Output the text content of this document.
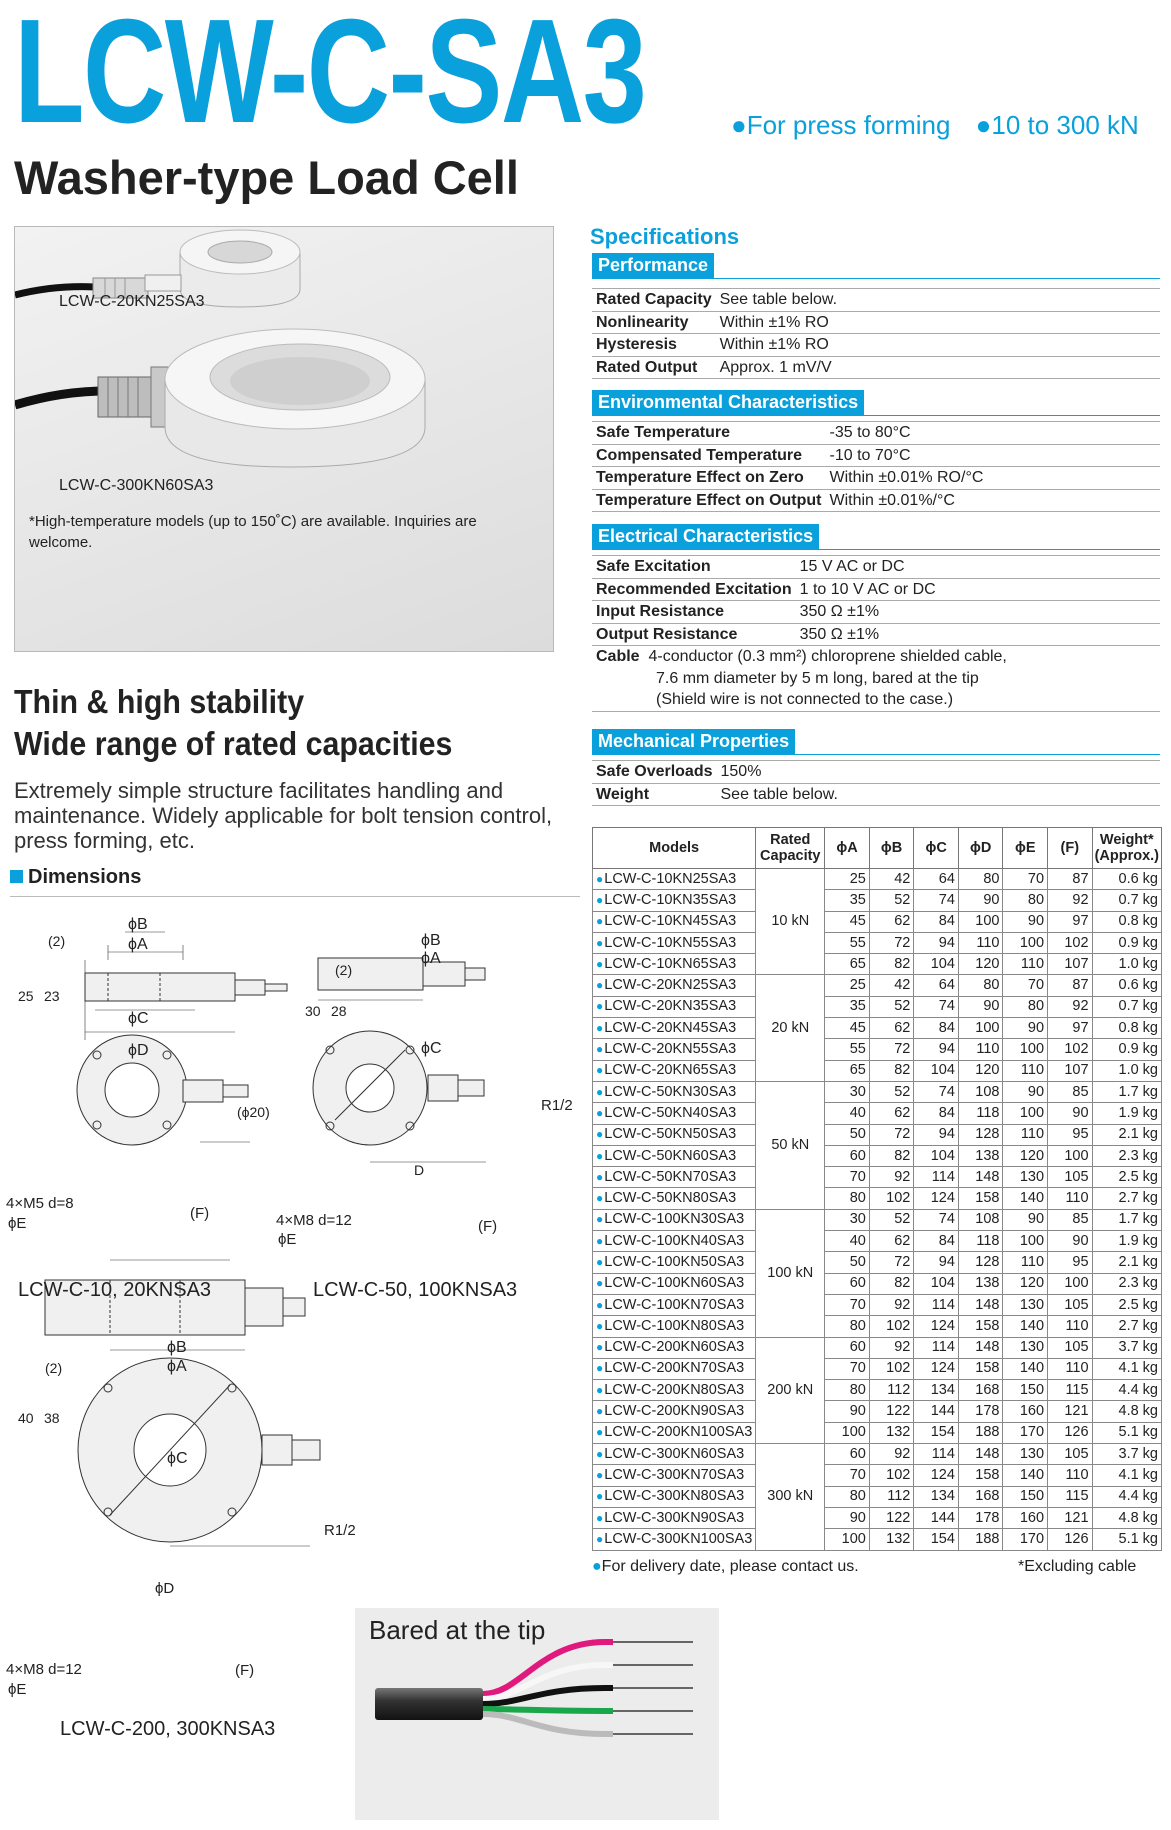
LCW-C-SA3
Washer-type Load Cell
●For press forming ●10 to 300 kN
LCW-C-20KN25SA3
LCW-C-300KN60SA3
*High-temperature models (up to 150˚C) are available. Inquiries are welcome.
Thin & high stability
Wide range of rated capacities
Extremely simple structure facilitates handling and maintenance. Widely applicable for bolt tension control, press forming, etc.
Dimensions
ϕB
ϕA
ϕC
ϕD
(2)
25 23
(ϕ20)
(F)
4×M5 d=8
ϕE
ϕB
ϕA
ϕC
(2)
30 28
R1/2
D
(F)
4×M8 d=12
ϕE
LCW-C-10, 20KNSA3	LCW-C-50, 100KNSA3
ϕB
ϕA
ϕC
(2)
40 38
R1/2
ϕD
(F)
4×M8 d=12
ϕE
LCW-C-200, 300KNSA3
Specifications
Performance
Rated Capacity	See table below.
Nonlinearity	Within ±1% RO
Hysteresis	Within ±1% RO
Rated Output	Approx. 1 mV/V
Environmental Characteristics
Safe Temperature	-35 to 80°C
Compensated Temperature	-10 to 70°C
Temperature Effect on Zero	Within ±0.01% RO/°C
Temperature Effect on Output	Within ±0.01%/°C
Electrical Characteristics
Safe Excitation	15 V AC or DC
Recommended Excitation	1 to 10 V AC or DC
Input Resistance	350 Ω ±1%
Output Resistance	350 Ω ±1%
Cable 4-conductor (0.3 mm²) chloroprene shielded cable,	
7.6 mm diameter by 5 m long, bared at the tip	
(Shield wire is not connected to the case.)	
Mechanical Properties
Safe Overloads	150%
Weight	See table below.
Models	Rated
Capacity	ϕA	ϕB	ϕC	ϕD	ϕE	(F)	Weight*
(Approx.)
● LCW-C-10KN25SA3	10 kN	25	42	64	80	70	87	0.6 kg
● LCW-C-10KN35SA3		35	52	74	90	80	92	0.7 kg
● LCW-C-10KN45SA3		45	62	84	100	90	97	0.8 kg
● LCW-C-10KN55SA3		55	72	94	110	100	102	0.9 kg
● LCW-C-10KN65SA3		65	82	104	120	110	107	1.0 kg
● LCW-C-20KN25SA3	20 kN	25	42	64	80	70	87	0.6 kg
● LCW-C-20KN35SA3		35	52	74	90	80	92	0.7 kg
● LCW-C-20KN45SA3		45	62	84	100	90	97	0.8 kg
● LCW-C-20KN55SA3		55	72	94	110	100	102	0.9 kg
● LCW-C-20KN65SA3		65	82	104	120	110	107	1.0 kg
● LCW-C-50KN30SA3	50 kN	30	52	74	108	90	85	1.7 kg
● LCW-C-50KN40SA3		40	62	84	118	100	90	1.9 kg
● LCW-C-50KN50SA3		50	72	94	128	110	95	2.1 kg
● LCW-C-50KN60SA3		60	82	104	138	120	100	2.3 kg
● LCW-C-50KN70SA3		70	92	114	148	130	105	2.5 kg
● LCW-C-50KN80SA3		80	102	124	158	140	110	2.7 kg
● LCW-C-100KN30SA3	100 kN	30	52	74	108	90	85	1.7 kg
● LCW-C-100KN40SA3		40	62	84	118	100	90	1.9 kg
● LCW-C-100KN50SA3		50	72	94	128	110	95	2.1 kg
● LCW-C-100KN60SA3		60	82	104	138	120	100	2.3 kg
● LCW-C-100KN70SA3		70	92	114	148	130	105	2.5 kg
● LCW-C-100KN80SA3		80	102	124	158	140	110	2.7 kg
● LCW-C-200KN60SA3	200 kN	60	92	114	148	130	105	3.7 kg
● LCW-C-200KN70SA3		70	102	124	158	140	110	4.1 kg
● LCW-C-200KN80SA3		80	112	134	168	150	115	4.4 kg
● LCW-C-200KN90SA3		90	122	144	178	160	121	4.8 kg
● LCW-C-200KN100SA3		100	132	154	188	170	126	5.1 kg
● LCW-C-300KN60SA3	300 kN	60	92	114	148	130	105	3.7 kg
● LCW-C-300KN70SA3		70	102	124	158	140	110	4.1 kg
● LCW-C-300KN80SA3		80	112	134	168	150	115	4.4 kg
● LCW-C-300KN90SA3		90	122	144	178	160	121	4.8 kg
● LCW-C-300KN100SA3		100	132	154	188	170	126	5.1 kg
●For delivery date, please contact us.	*Excluding cable
Bared at the tip
